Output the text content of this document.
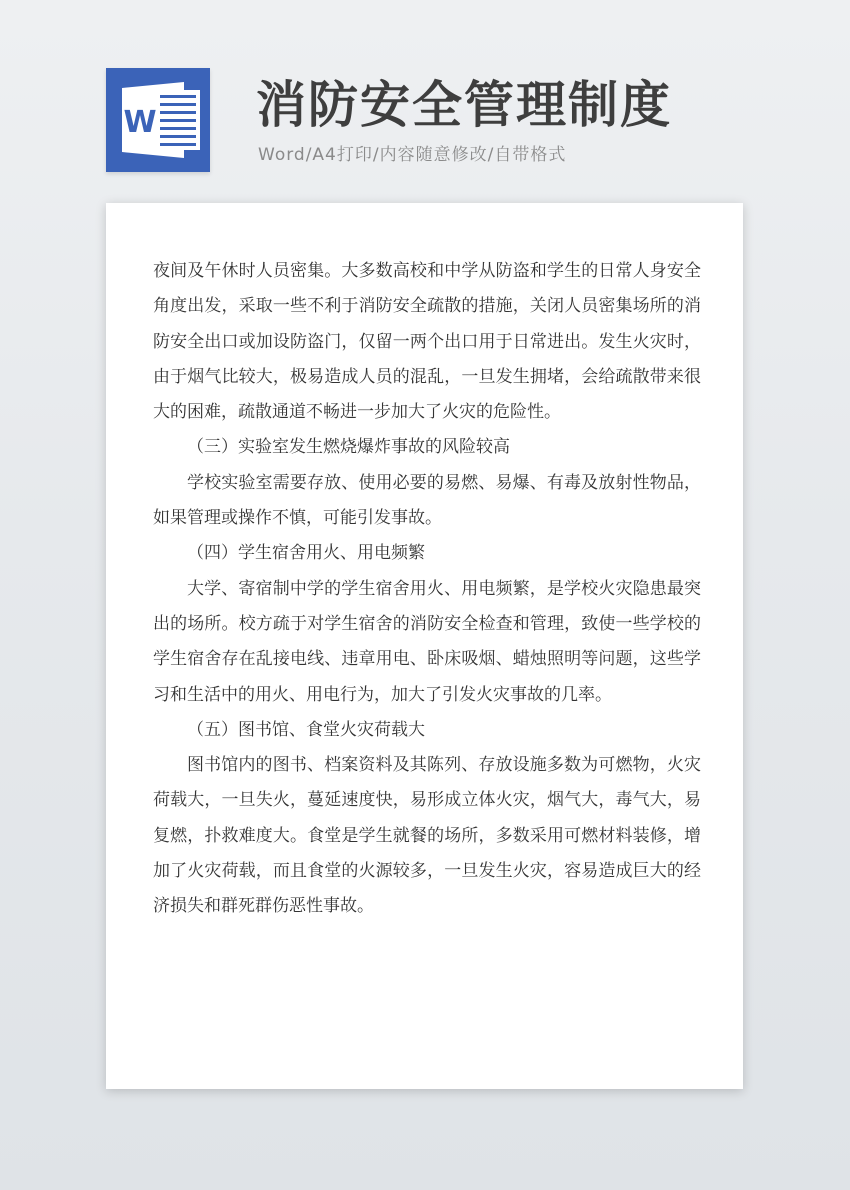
W 消防安全管理制度
Word/A4打印/内容随意修改/自带格式

夜间及午休时人员密集。大多数高校和中学从防盗和学生的日常人身安全角度出发，采取一些不利于消防安全疏散的措施，关闭人员密集场所的消防安全出口或加设防盗门，仅留一两个出口用于日常进出。发生火灾时，由于烟气比较大，极易造成人员的混乱，一旦发生拥堵，会给疏散带来很大的困难，疏散通道不畅进一步加大了火灾的危险性。

（三）实验室发生燃烧爆炸事故的风险较高

学校实验室需要存放、使用必要的易燃、易爆、有毒及放射性物品，如果管理或操作不慎，可能引发事故。

（四）学生宿舍用火、用电频繁

大学、寄宿制中学的学生宿舍用火、用电频繁，是学校火灾隐患最突出的场所。校方疏于对学生宿舍的消防安全检查和管理，致使一些学校的学生宿舍存在乱接电线、违章用电、卧床吸烟、蜡烛照明等问题，这些学习和生活中的用火、用电行为，加大了引发火灾事故的几率。

（五）图书馆、食堂火灾荷载大

图书馆内的图书、档案资料及其陈列、存放设施多数为可燃物，火灾荷载大，一旦失火，蔓延速度快，易形成立体火灾，烟气大，毒气大，易复燃，扑救难度大。食堂是学生就餐的场所，多数采用可燃材料装修，增加了火灾荷载，而且食堂的火源较多，一旦发生火灾，容易造成巨大的经济损失和群死群伤恶性事故。
